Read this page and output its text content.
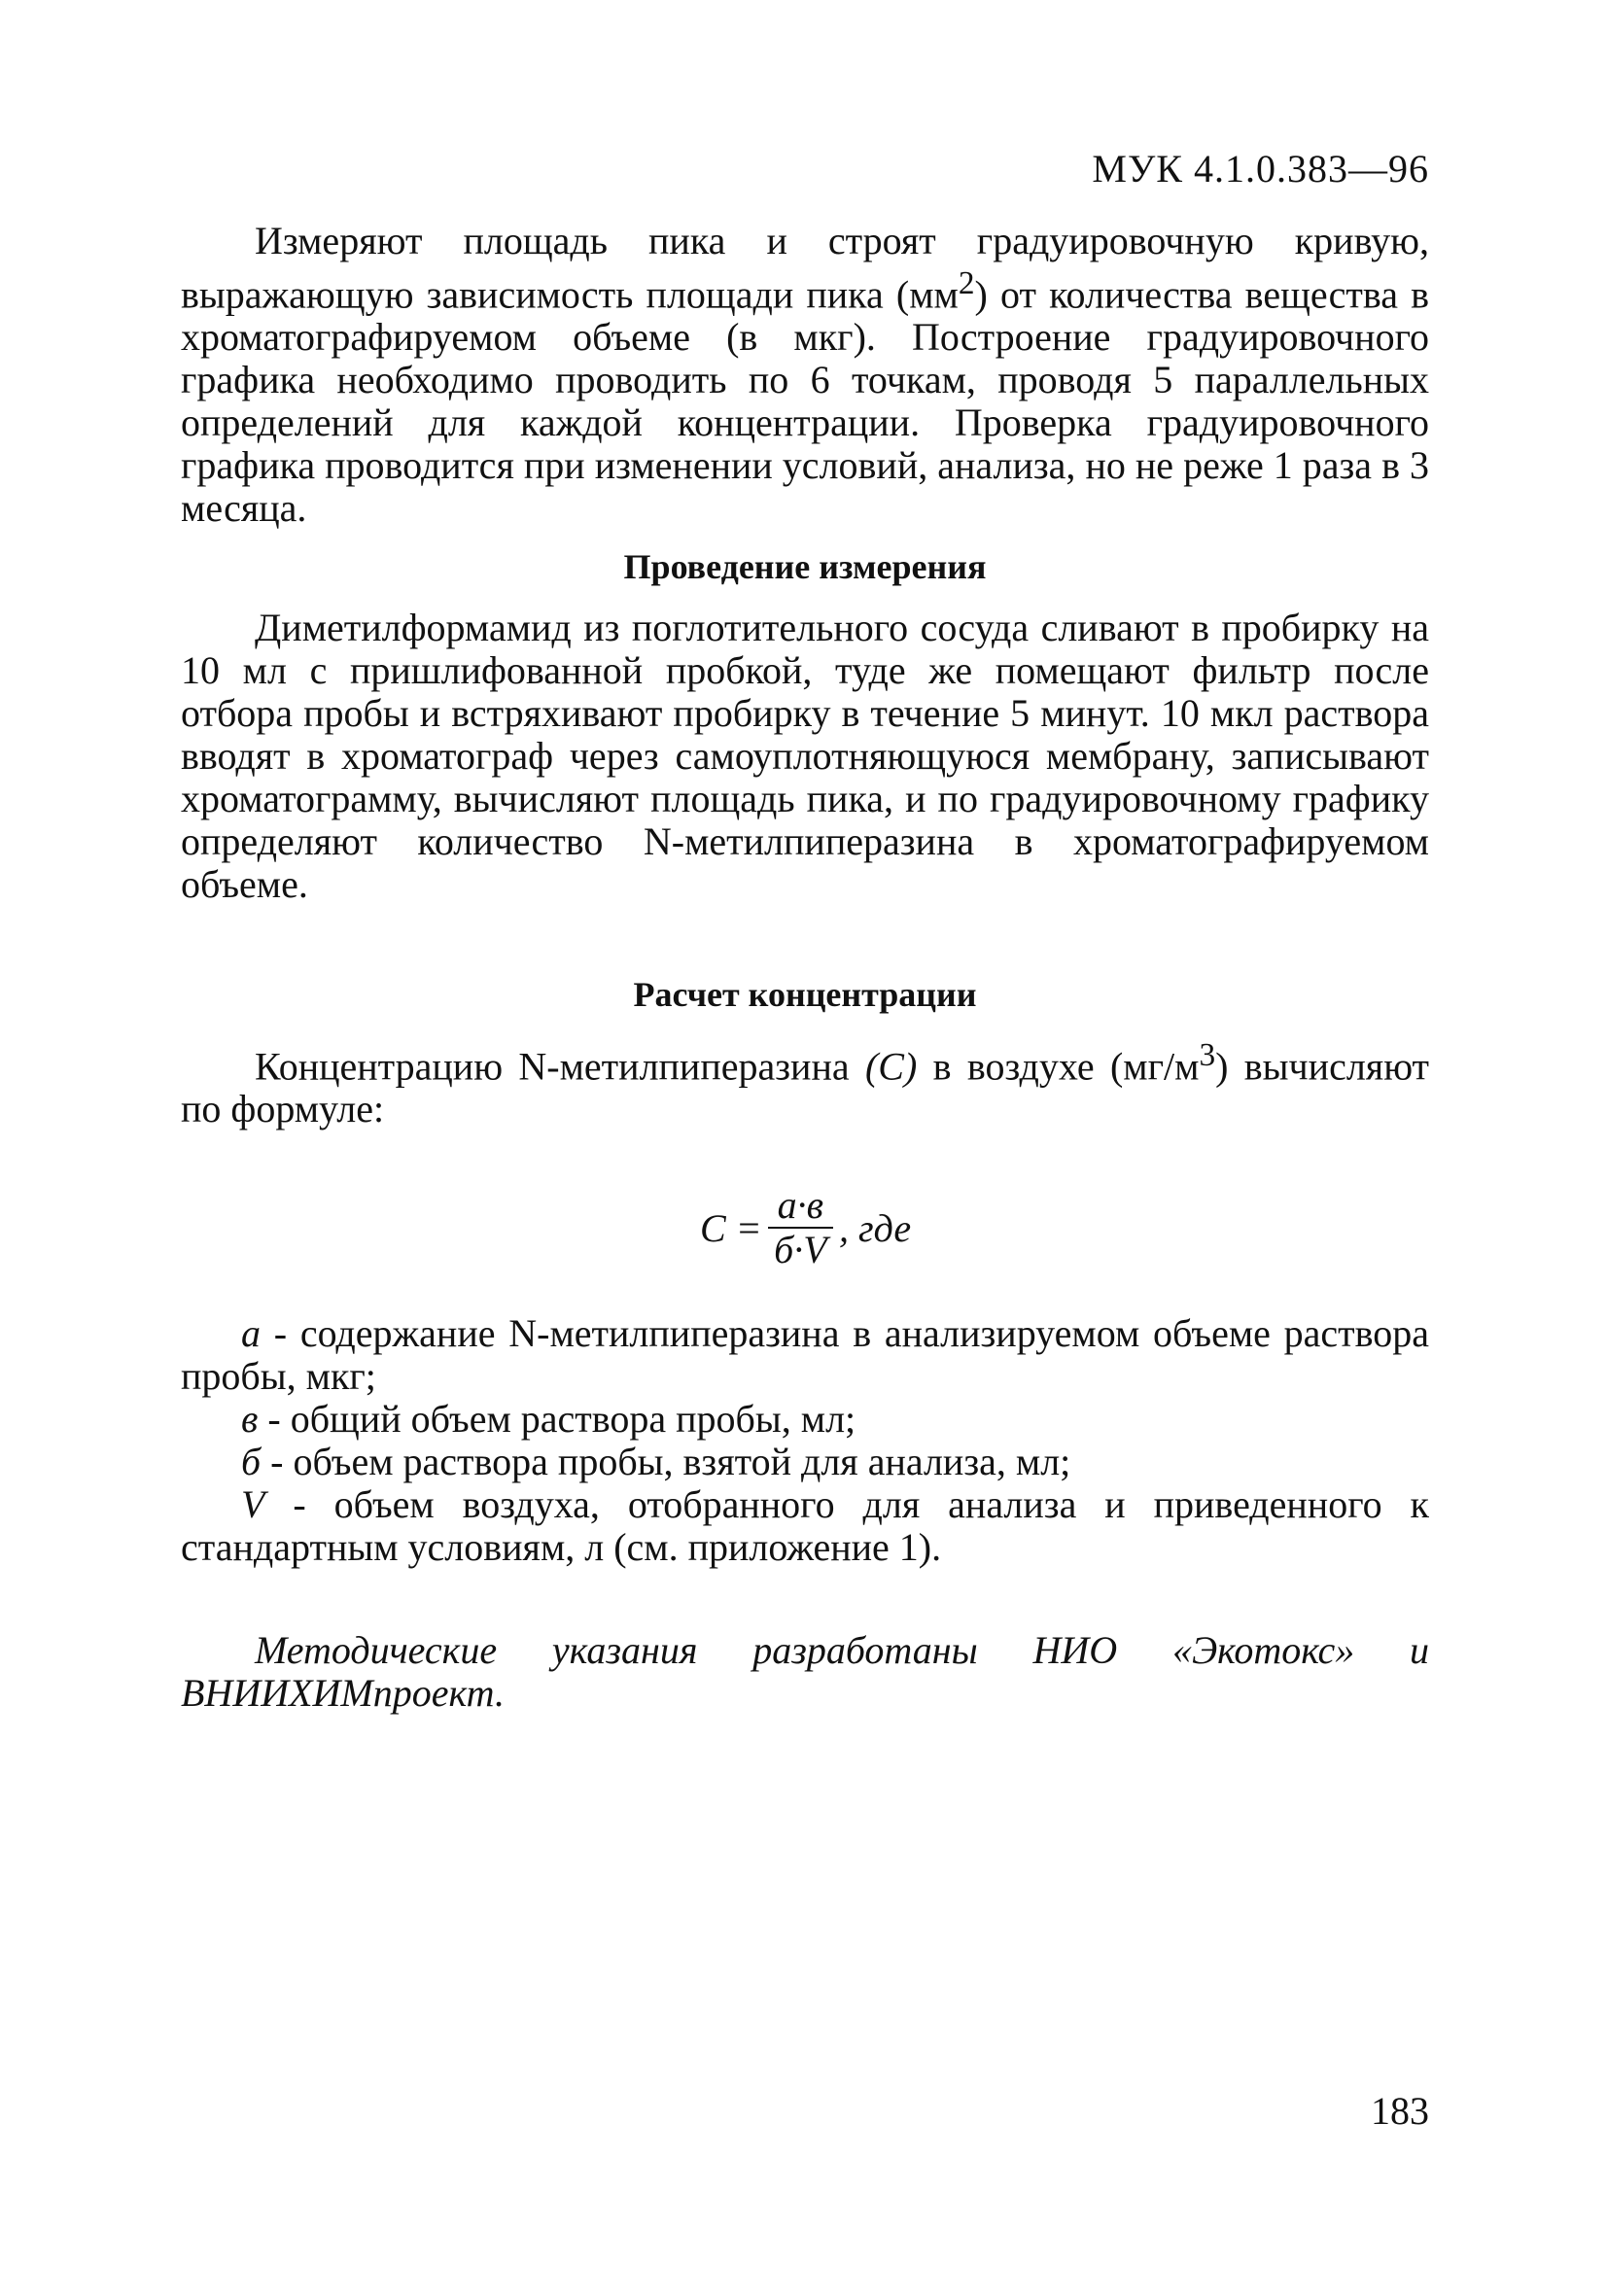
МУК 4.1.0.383—96

Измеряют площадь пика и строят градуировочную кривую, выражающую зависимость площади пика $(мм^2)$ от количества вещества в хроматографируемом объеме (в мкг). Построение градуировочного графика необходимо проводить по 6 точкам, проводя 5 параллельных определений для каждой концентрации. Проверка градуировочного графика проводится при изменении условий, анализа, но не реже 1 раза в 3 месяца.

Проведение измерения

Диметилформамид из поглотительного сосуда сливают в пробирку на 10 мл с пришлифованной пробкой, туде же помещают фильтр после отбора пробы и встряхивают пробирку в течение 5 минут. 10 мкл раствора вводят в хроматограф через самоуплотняющуюся мембрану, записывают хроматограмму, вычисляют площадь пика, и по градуировочному графику определяют количество N-метилпиперазина в хроматографируемом объеме.

Расчет концентрации

Концентрацию N-метилпиперазина (С) в воздухе $(мг/м^3)$ вычисляют по формуле:

$С = \frac{а\cdot в}{б\cdot V}$ , где

а - содержание N-метилпиперазина в анализируемом объеме раствора пробы, мкг;

в - общий объем раствора пробы, мл;

б - объем раствора пробы, взятой для анализа, мл;

V - объем воздуха, отобранного для анализа и приведенного к стандартным условиям, л (см. приложение 1).

Методические указания разработаны НИО «Экотокс» и ВНИИХИМпроект.

183
